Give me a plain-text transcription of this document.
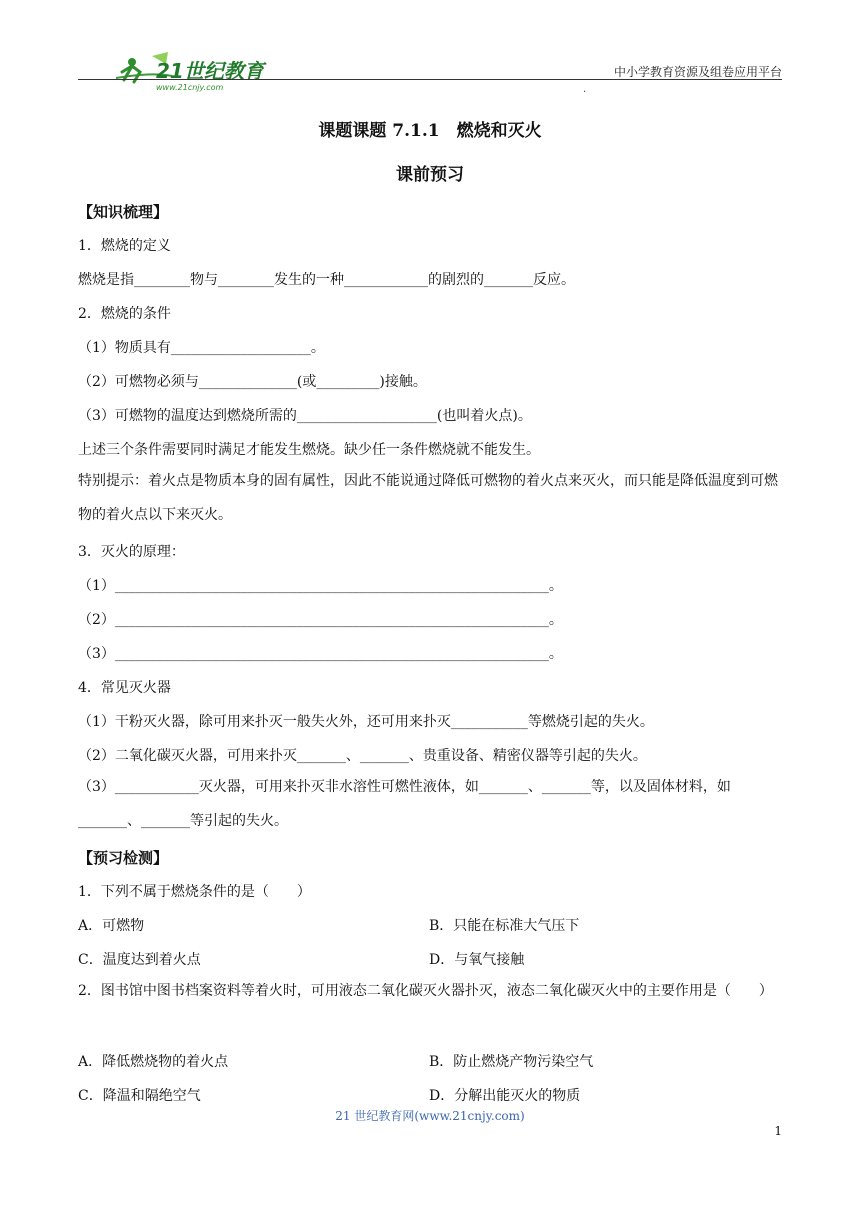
21世纪教育
www.21cnjy.com
中小学教育资源及组卷应用平台
.
课题课题 7.1.1　燃烧和灭火
课前预习
【知识梳理】
1．燃烧的定义
燃烧是指________物与________发生的一种____________的剧烈的_______反应。
2．燃烧的条件
（1）物质具有____________________。
（2）可燃物必须与______________(或_________)接触。
（3）可燃物的温度达到燃烧所需的____________________(也叫着火点)。
上述三个条件需要同时满足才能发生燃烧。缺少任一条件燃烧就不能发生。
特别提示：着火点是物质本身的固有属性，因此不能说通过降低可燃物的着火点来灭火，而只能是降低温度到可燃物的着火点以下来灭火。
3．灭火的原理：
（1）______________________________________________________________。
（2）______________________________________________________________。
（3）______________________________________________________________。
4．常见灭火器
（1）干粉灭火器，除可用来扑灭一般失火外，还可用来扑灭___________等燃烧引起的失火。
（2）二氧化碳灭火器，可用来扑灭_______、_______、贵重设备、精密仪器等引起的失火。
（3）____________灭火器，可用来扑灭非水溶性可燃性液体，如_______、_______等，以及固体材料，如_______、_______等引起的失火。
【预习检测】
1．下列不属于燃烧条件的是（　　）
A．可燃物	B．只能在标准大气压下
C．温度达到着火点	D．与氧气接触
2．图书馆中图书档案资料等着火时，可用液态二氧化碳灭火器扑灭，液态二氧化碳灭火中的主要作用是（　　）
A．降低燃烧物的着火点	B．防止燃烧产物污染空气
C．降温和隔绝空气	D．分解出能灭火的物质
21 世纪教育网(www.21cnjy.com)
1
